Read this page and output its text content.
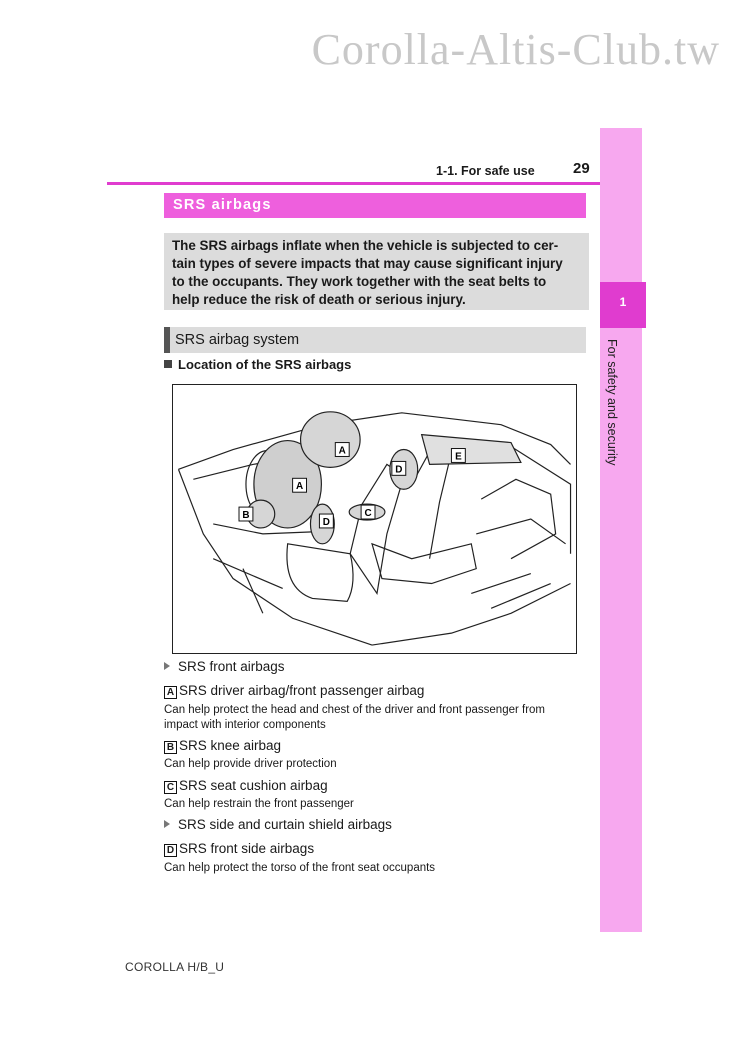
Corolla-Altis-Club.tw
1
For safety and security
1-1. For safe use	29
SRS airbags
The SRS airbags inflate when the vehicle is subjected to cer-
tain types of severe impacts that may cause significant injury
to the occupants. They work together with the seat belts to
help reduce the risk of death or serious injury.
SRS airbag system
Location of the SRS airbags
A
A
B	C
D
D
E
SRS front airbags
A SRS driver airbag/front passenger airbag
Can help protect the head and chest of the driver and front passenger from
impact with interior components
B SRS knee airbag
Can help provide driver protection
C SRS seat cushion airbag
Can help restrain the front passenger
SRS side and curtain shield airbags
D SRS front side airbags
Can help protect the torso of the front seat occupants
COROLLA H/B_U
